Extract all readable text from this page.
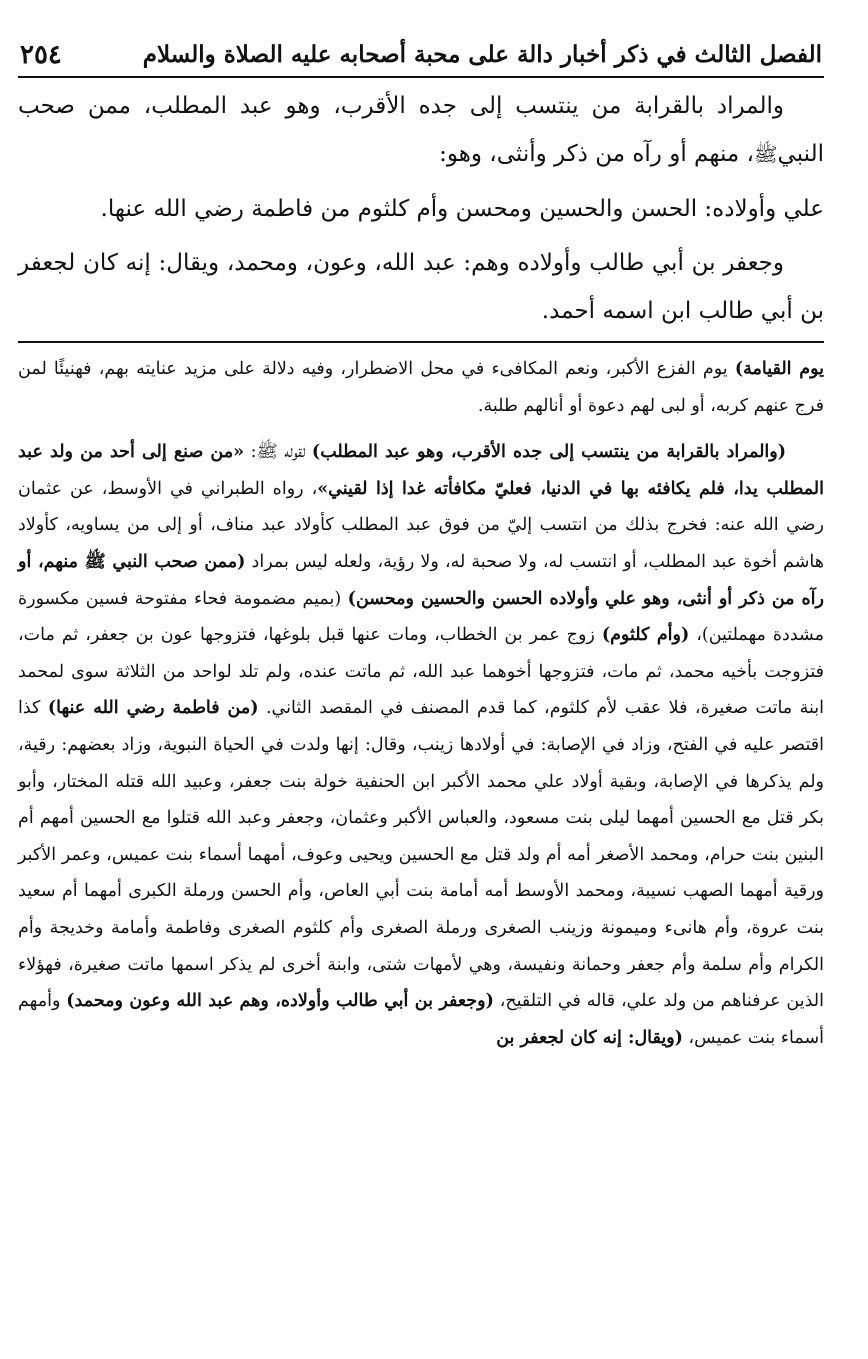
الفصل الثالث في ذكر أخبار دالة على محبة أصحابه عليه الصلاة والسلام
٢٥٤

والمراد بالقرابة من ينتسب إلى جده الأقرب، وهو عبد المطلب، ممن صحب النبيﷺ، منهم أو رآه من ذكر وأنثى، وهو:

علي وأولاده: الحسن والحسين ومحسن وأم كلثوم من فاطمة رضي الله عنها.

وجعفر بن أبي طالب وأولاده وهم: عبد الله، وعون، ومحمد، ويقال: إنه كان لجعفر بن أبي طالب ابن اسمه أحمد.

يوم القيامة) يوم الفزع الأكبر، ونعم المكافىء في محل الاضطرار، وفيه دلالة على مزيد عنايته بهم، فهنيئًا لمن فرج عنهم كربه، أو لبى لهم دعوة أو أنالهم طلبة.

(والمراد بالقرابة من ينتسب إلى جده الأقرب، وهو عبد المطلب) لقوله ﷺ: «من صنع إلى أحد من ولد عبد المطلب يدا، فلم يكافئه بها في الدنيا، فعليّ مكافأته غدا إذا لقيني»، رواه الطبراني في الأوسط، عن عثمان رضي الله عنه: فخرج بذلك من انتسب إليّ من فوق عبد المطلب كأولاد عبد مناف، أو إلى من يساويه، كأولاد هاشم أخوة عبد المطلب، أو انتسب له، ولا صحبة له، ولا رؤية، ولعله ليس بمراد (ممن صحب النبي ﷺ منهم، أو رآه من ذكر أو أنثى، وهو علي وأولاده الحسن والحسين ومحسن) (بميم مضمومة فحاء مفتوحة فسين مكسورة مشددة مهملتين)، (وأم كلثوم) زوج عمر بن الخطاب، ومات عنها قبل بلوغها، فتزوجها عون بن جعفر، ثم مات، فتزوجت بأخيه محمد، ثم مات، فتزوجها أخوهما عبد الله، ثم ماتت عنده، ولم تلد لواحد من الثلاثة سوى لمحمد ابنة ماتت صغيرة، فلا عقب لأم كلثوم، كما قدم المصنف في المقصد الثاني. (من فاطمة رضي الله عنها) كذا اقتصر عليه في الفتح، وزاد في الإصابة: في أولادها زينب، وقال: إنها ولدت في الحياة النبوية، وزاد بعضهم: رقية، ولم يذكرها في الإصابة، وبقية أولاد علي محمد الأكبر ابن الحنفية خولة بنت جعفر، وعبيد الله قتله المختار، وأبو بكر قتل مع الحسين أمهما ليلى بنت مسعود، والعباس الأكبر وعثمان، وجعفر وعبد الله قتلوا مع الحسين أمهم أم البنين بنت حرام، ومحمد الأصغر أمه أم ولد قتل مع الحسين ويحيى وعوف، أمهما أسماء بنت عميس، وعمر الأكبر ورقية أمهما الصهب نسيبة، ومحمد الأوسط أمه أمامة بنت أبي العاص، وأم الحسن ورملة الكبرى أمهما أم سعيد بنت عروة، وأم هانىء وميمونة وزينب الصغرى ورملة الصغرى وأم كلثوم الصغرى وفاطمة وأمامة وخديجة وأم الكرام وأم سلمة وأم جعفر وحمانة ونفيسة، وهي لأمهات شتى، وابنة أخرى لم يذكر اسمها ماتت صغيرة، فهؤلاء الذين عرفناهم من ولد علي، قاله في التلقيح، (وجعفر بن أبي طالب وأولاده، وهم عبد الله وعون ومحمد) وأمهم أسماء بنت عميس، (ويقال: إنه كان لجعفر بن
